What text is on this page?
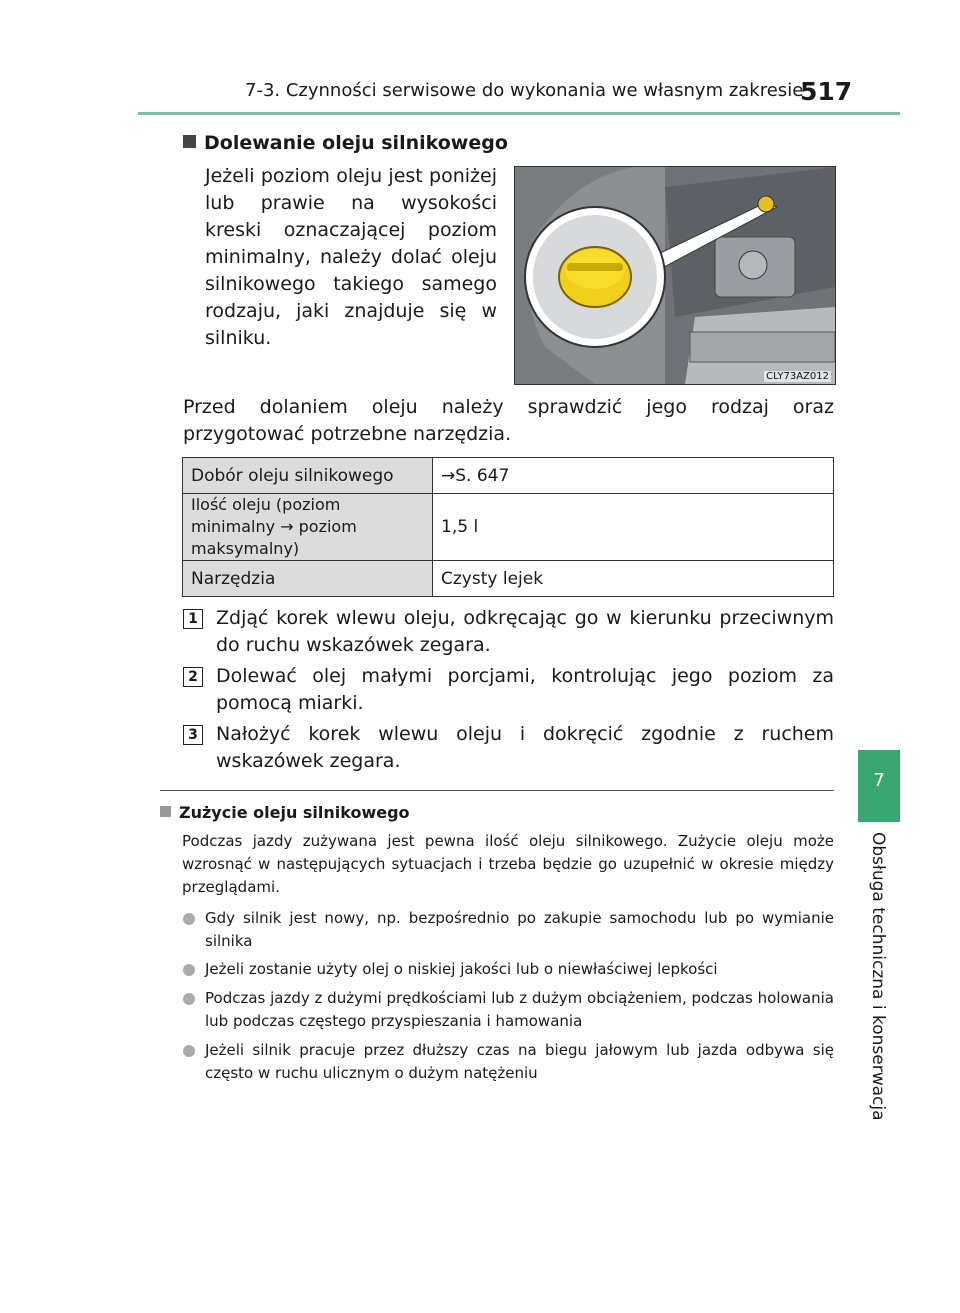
7-3. Czynności serwisowe do wykonania we własnym zakresie
517
7
Obsługa techniczna i konserwacja
Dolewanie oleju silnikowego
Jeżeli poziom oleju jest poniżej lub prawie na wysokości kreski oznaczającej poziom minimalny, należy dolać oleju silnikowego takiego samego rodzaju, jaki znajduje się w silniku.
CLY73AZ012
Przed dolaniem oleju należy sprawdzić jego rodzaj oraz przygotować potrzebne narzędzia.
Dobór oleju silnikowego	→S. 647
Ilość oleju (poziom minimalny → poziom maksymalny)	1,5 l
Narzędzia	Czysty lejek
1 Zdjąć korek wlewu oleju, odkręcając go w kierunku przeciwnym do ruchu wskazówek zegara.
2 Dolewać olej małymi porcjami, kontrolując jego poziom za pomocą miarki.
3 Nałożyć korek wlewu oleju i dokręcić zgodnie z ruchem wskazówek zegara.
Zużycie oleju silnikowego
Podczas jazdy zużywana jest pewna ilość oleju silnikowego. Zużycie oleju może wzrosnąć w następujących sytuacjach i trzeba będzie go uzupełnić w okresie między przeglądami.
Gdy silnik jest nowy, np. bezpośrednio po zakupie samochodu lub po wymianie silnika
Jeżeli zostanie użyty olej o niskiej jakości lub o niewłaściwej lepkości
Podczas jazdy z dużymi prędkościami lub z dużym obciążeniem, podczas holowania lub podczas częstego przyspieszania i hamowania
Jeżeli silnik pracuje przez dłuższy czas na biegu jałowym lub jazda odbywa się często w ruchu ulicznym o dużym natężeniu
